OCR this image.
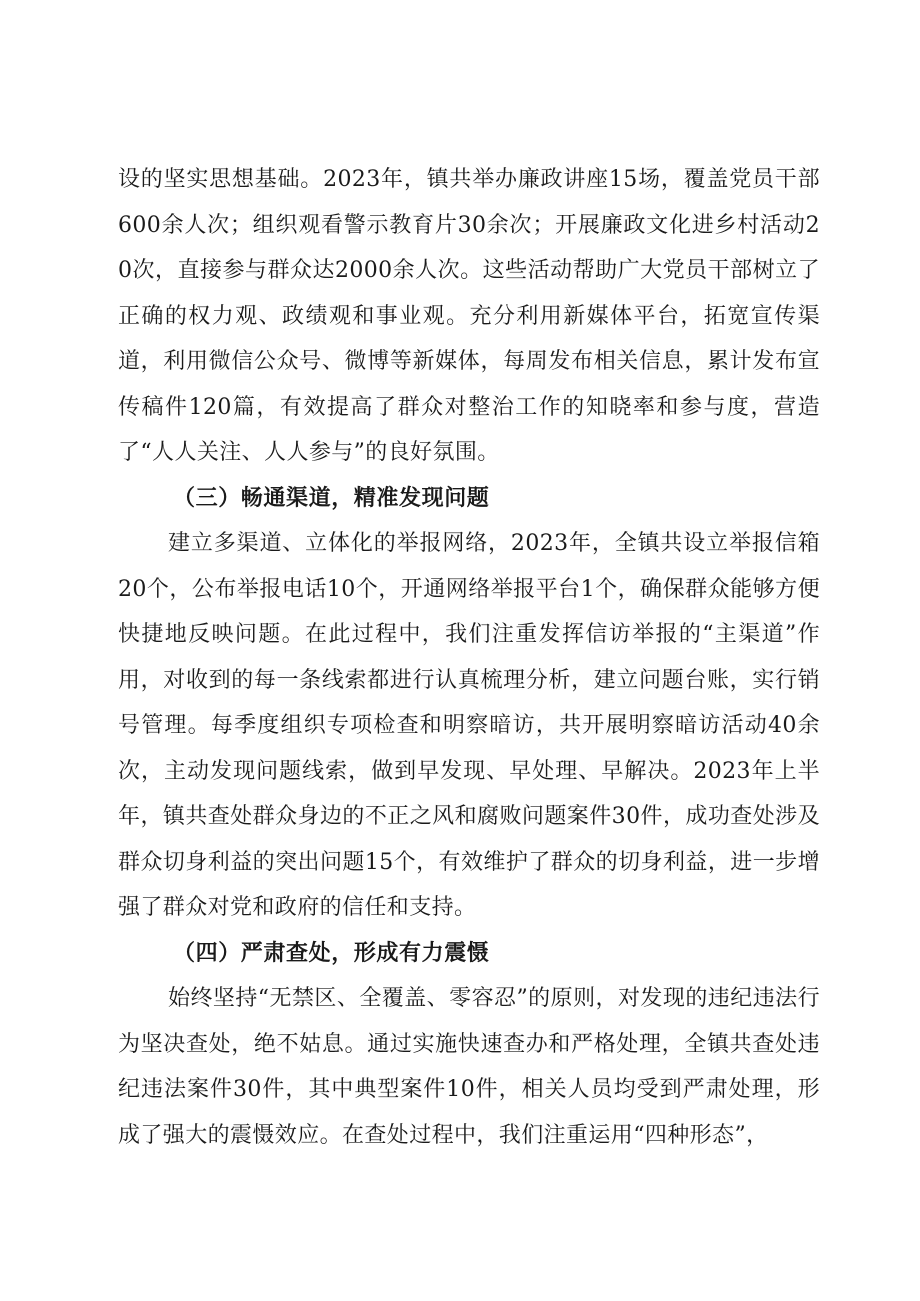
设的坚实思想基础。2023年，镇共举办廉政讲座15场，覆盖党员干部600余人次；组织观看警示教育片30余次；开展廉政文化进乡村活动20次，直接参与群众达2000余人次。这些活动帮助广大党员干部树立了正确的权力观、政绩观和事业观。充分利用新媒体平台，拓宽宣传渠道，利用微信公众号、微博等新媒体，每周发布相关信息，累计发布宣传稿件120篇，有效提高了群众对整治工作的知晓率和参与度，营造了“人人关注、人人参与”的良好氛围。

（三）畅通渠道，精准发现问题

建立多渠道、立体化的举报网络，2023年，全镇共设立举报信箱20个，公布举报电话10个，开通网络举报平台1个，确保群众能够方便快捷地反映问题。在此过程中，我们注重发挥信访举报的“主渠道”作用，对收到的每一条线索都进行认真梳理分析，建立问题台账，实行销号管理。每季度组织专项检查和明察暗访，共开展明察暗访活动40余次，主动发现问题线索，做到早发现、早处理、早解决。2023年上半年，镇共查处群众身边的不正之风和腐败问题案件30件，成功查处涉及群众切身利益的突出问题15个，有效维护了群众的切身利益，进一步增强了群众对党和政府的信任和支持。

（四）严肃查处，形成有力震慑

始终坚持“无禁区、全覆盖、零容忍”的原则，对发现的违纪违法行为坚决查处，绝不姑息。通过实施快速查办和严格处理，全镇共查处违纪违法案件30件，其中典型案件10件，相关人员均受到严肃处理，形成了强大的震慑效应。在查处过程中，我们注重运用“四种形态”，
